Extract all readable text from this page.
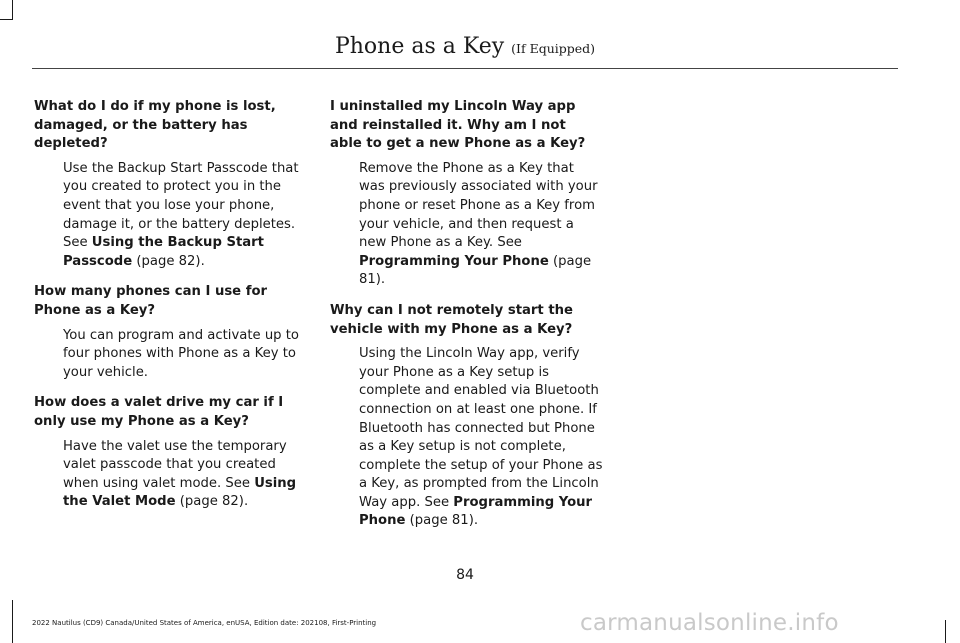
Phone as a Key (If Equipped)

What do I do if my phone is lost, damaged, or the battery has depleted?

Use the Backup Start Passcode that you created to protect you in the event that you lose your phone, damage it, or the battery depletes. See Using the Backup Start Passcode (page 82).

How many phones can I use for Phone as a Key?

You can program and activate up to four phones with Phone as a Key to your vehicle.

How does a valet drive my car if I only use my Phone as a Key?

Have the valet use the temporary valet passcode that you created when using valet mode. See Using the Valet Mode (page 82).

I uninstalled my Lincoln Way app and reinstalled it. Why am I not able to get a new Phone as a Key?

Remove the Phone as a Key that was previously associated with your phone or reset Phone as a Key from your vehicle, and then request a new Phone as a Key. See Programming Your Phone (page 81).

Why can I not remotely start the vehicle with my Phone as a Key?

Using the Lincoln Way app, verify your Phone as a Key setup is complete and enabled via Bluetooth connection on at least one phone. If Bluetooth has connected but Phone as a Key setup is not complete, complete the setup of your Phone as a Key, as prompted from the Lincoln Way app. See Programming Your Phone (page 81).

84
2022 Nautilus (CD9) Canada/United States of America, enUSA, Edition date: 202108, First-Printing	carmanualsonline.info
